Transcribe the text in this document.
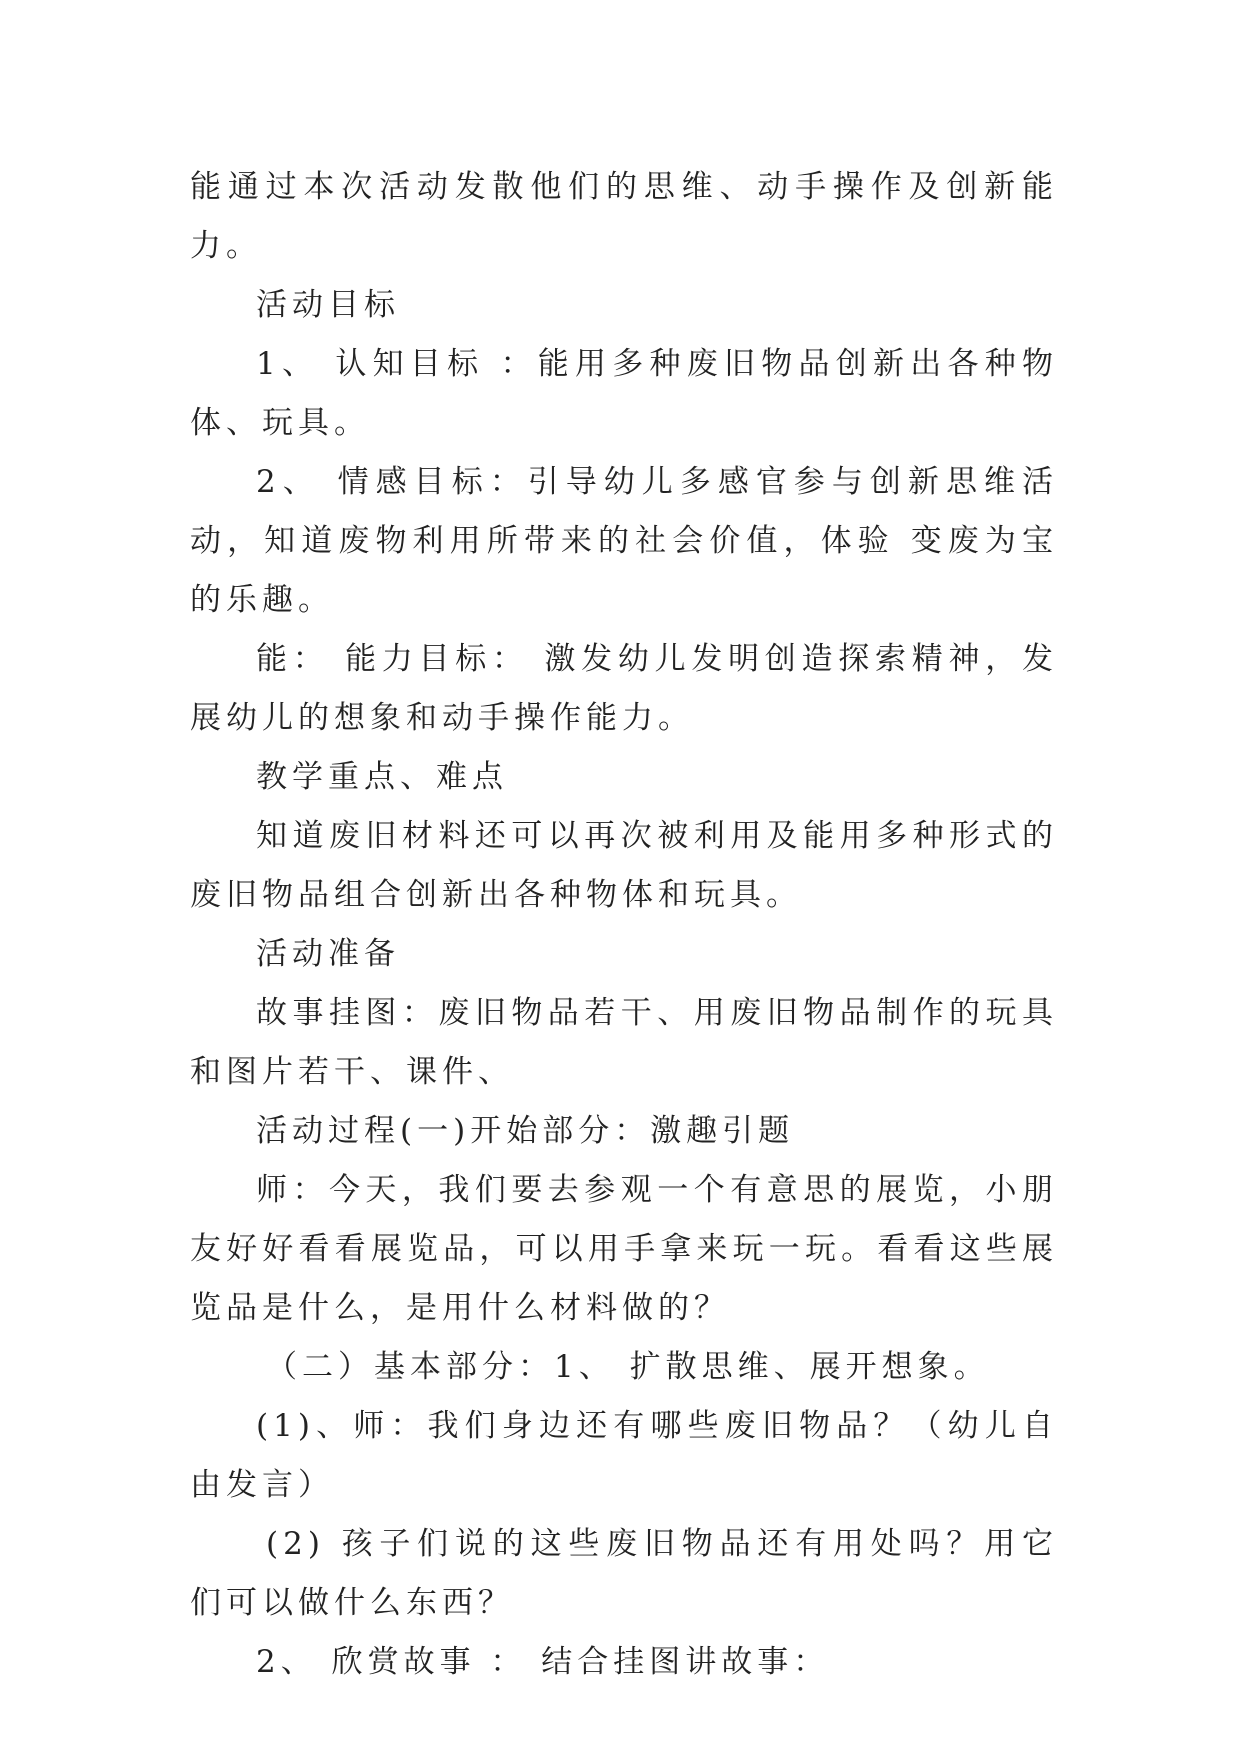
能通过本次活动发散他们的思维、动手操作及创新能力。

活动目标

1、 认知目标 ：能用多种废旧物品创新出各种物体、玩具。

2、 情感目标：引导幼儿多感官参与创新思维活动，知道废物利用所带来的社会价值，体验 变废为宝的乐趣。

能： 能力目标： 激发幼儿发明创造探索精神，发展幼儿的想象和动手操作能力。

教学重点、难点

知道废旧材料还可以再次被利用及能用多种形式的废旧物品组合创新出各种物体和玩具。

活动准备

故事挂图：废旧物品若干、用废旧物品制作的玩具和图片若干、课件、

活动过程(一)开始部分：激趣引题

师：今天，我们要去参观一个有意思的展览，小朋友好好看看展览品，可以用手拿来玩一玩。看看这些展览品是什么，是用什么材料做的？

（二）基本部分：1、 扩散思维、展开想象。

(1)、师：我们身边还有哪些废旧物品？（幼儿自由发言）

(2) 孩子们说的这些废旧物品还有用处吗？用它们可以做什么东西？

2、 欣赏故事 ： 结合挂图讲故事：
